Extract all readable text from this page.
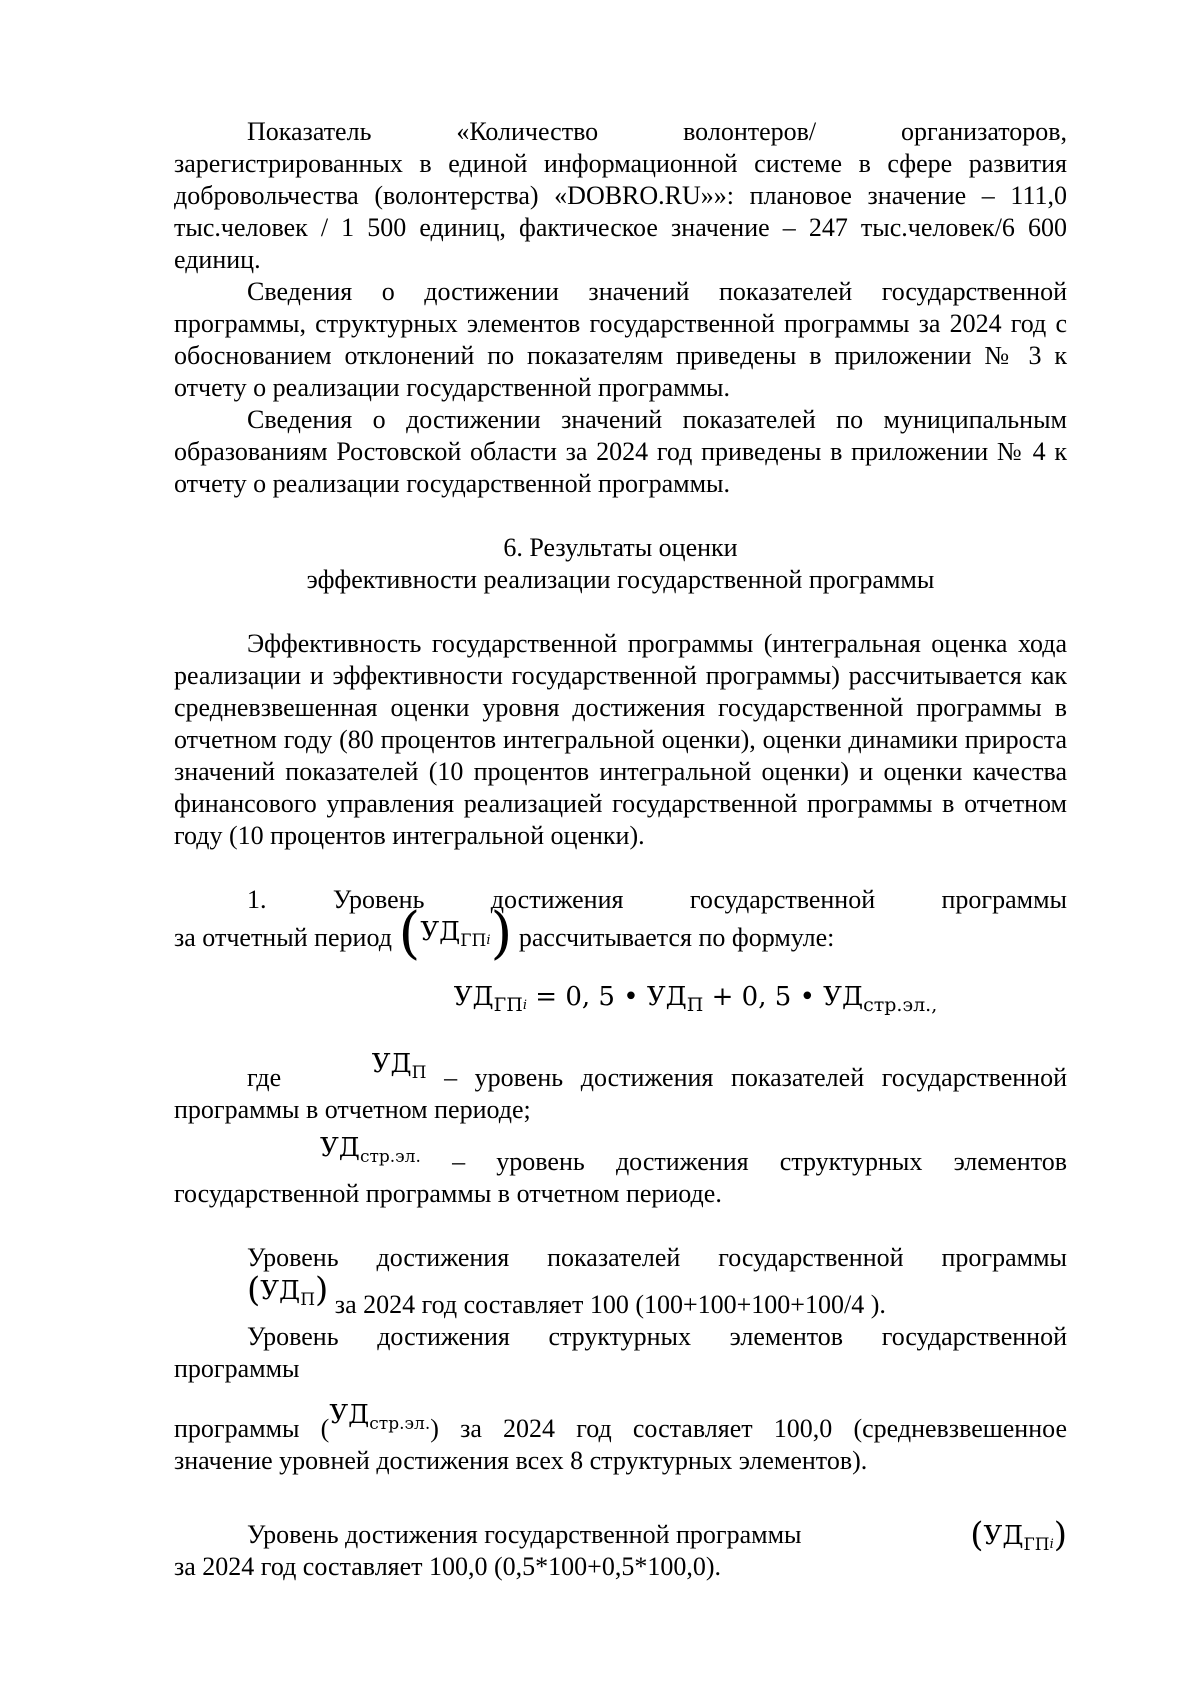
Показатель «Количество волонтеров/ организаторов, зарегистрированных в единой информационной системе в сфере развития добровольчества (волонтерства) «DOBRO.RU»»: плановое значение – 111,0 тыс.человек / 1 500 единиц, фактическое значение – 247 тыс.человек/6 600 единиц.

Сведения о достижении значений показателей государственной программы, структурных элементов государственной программы за 2024 год с обоснованием отклонений по показателям приведены в приложении № 3 к отчету о реализации государственной программы.

Сведения о достижении значений показателей по муниципальным образованиям Ростовской области за 2024 год приведены в приложении № 4 к отчету о реализации государственной программы.

6. Результаты оценки
эффективности реализации государственной программы

Эффективность государственной программы (интегральная оценка хода реализации и эффективности государственной программы) рассчитывается как средневзвешенная оценки уровня достижения государственной программы в отчетном году (80 процентов интегральной оценки), оценки динамики прироста значений показателей (10 процентов интегральной оценки) и оценки качества финансового управления реализацией государственной программы в отчетном году (10 процентов интегральной оценки).

1. Уровень достижения государственной программы

за отчетный период $(УД_{ГП}i)$ рассчитывается по формуле:

$УД_{ГП}i = 0$, 5 • $УД_П + 0$, 5 • $УД_{стр.эл.,}$

где	$УД_П$ – уровень достижения показателей государственной программы в отчетном периоде;

$УД_{стр.эл.}$ – уровень достижения структурных элементов государственной программы в отчетном периоде.

Уровень достижения показателей государственной $программы(УД_П)$ за 2024 год составляет 100 (100+100+100+100/4 ).

Уровень достижения структурных элементов государственной программы

программы $(УД_{стр.эл.})$ за 2024 год составляет 100,0 (средневзвешенное значение уровней достижения всех 8 структурных элементов).

Уровень достижения государственной программы	$(УД_{ГП}i)$

за 2024 год составляет 100,0 (0,5*100+0,5*100,0).
